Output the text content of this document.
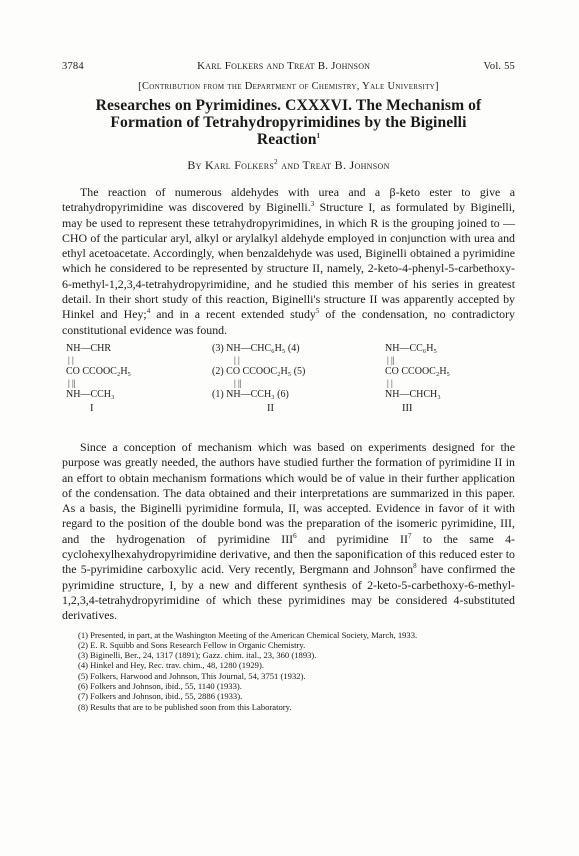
3784	Karl Folkers and Treat B. Johnson	Vol. 55
[Contribution from the Department of Chemistry, Yale University]
Researches on Pyrimidines. CXXXVI. The Mechanism of
Formation of Tetrahydropyrimidines by the Biginelli
Reaction$^1$
By Karl Folkers$^2$ and Treat B. Johnson

The reaction of numerous aldehydes with urea and a β-keto ester to give a tetrahydropyrimidine was discovered by Biginelli.$^3$ Structure I, as formulated by Biginelli, may be used to represent these tetrahydropyrimidines, in which R is the grouping joined to —CHO of the particular aryl, alkyl or arylalkyl aldehyde employed in conjunction with urea and ethyl acetoacetate. Accordingly, when benzaldehyde was used, Biginelli obtained a pyrimidine which he considered to be represented by structure II, namely, 2-keto-4-phenyl-5-carbethoxy-6-methyl-1,2,3,4-tetrahydropyrimidine, and he studied this member of his series in greatest detail. In their short study of this reaction, Biginelli's structure II was apparently accepted by Hinkel and Hey;$^4$ and in a recent extended study$^5$ of the condensation, no contradictory constitutional evidence was found.

NH—CHR
| |
CO CCOOC₂H₅
| ||
NH—CCH₃
I
(3) NH—CHC₆H₅ (4)
| |
(2) CO CCOOC₂H₅ (5)
| ||
(1) NH—CCH₃ (6)
II
NH—CC₆H₅
| ||
CO CCOOC₂H₅
| |
NH—CHCH₃
III

Since a conception of mechanism which was based on experiments designed for the purpose was greatly needed, the authors have studied further the formation of pyrimidine II in an effort to obtain mechanism formations which would be of value in their further application of the condensation. The data obtained and their interpretations are summarized in this paper. As a basis, the Biginelli pyrimidine formula, II, was accepted. Evidence in favor of it with regard to the position of the double bond was the preparation of the isomeric pyrimidine, III, and the hydrogenation of pyrimidine III$^6$ and pyrimidine $II^7$ to the same 4-cyclohexylhexahydropyrimidine derivative, and then the saponification of this reduced ester to the 5-pyrimidine carboxylic acid. Very recently, Bergmann and Johnson$^8$ have confirmed the pyrimidine structure, I, by a new and different synthesis of 2-keto-5-carbethoxy-6-methyl-1,2,3,4-tetrahydropyrimidine of which these pyrimidines may be considered 4-substituted derivatives.

(1) Presented, in part, at the Washington Meeting of the American Chemical Society, March, 1933.
(2) E. R. Squibb and Sons Research Fellow in Organic Chemistry.
(3) Biginelli, Ber., 24, 1317 (1891); Gazz. chim. ital., 23, 360 (1893).
(4) Hinkel and Hey, Rec. trav. chim., 48, 1280 (1929).
(5) Folkers, Harwood and Johnson, This Journal, 54, 3751 (1932).
(6) Folkers and Johnson, ibid., 55, 1140 (1933).
(7) Folkers and Johnson, ibid., 55, 2886 (1933).
(8) Results that are to be published soon from this Laboratory.
